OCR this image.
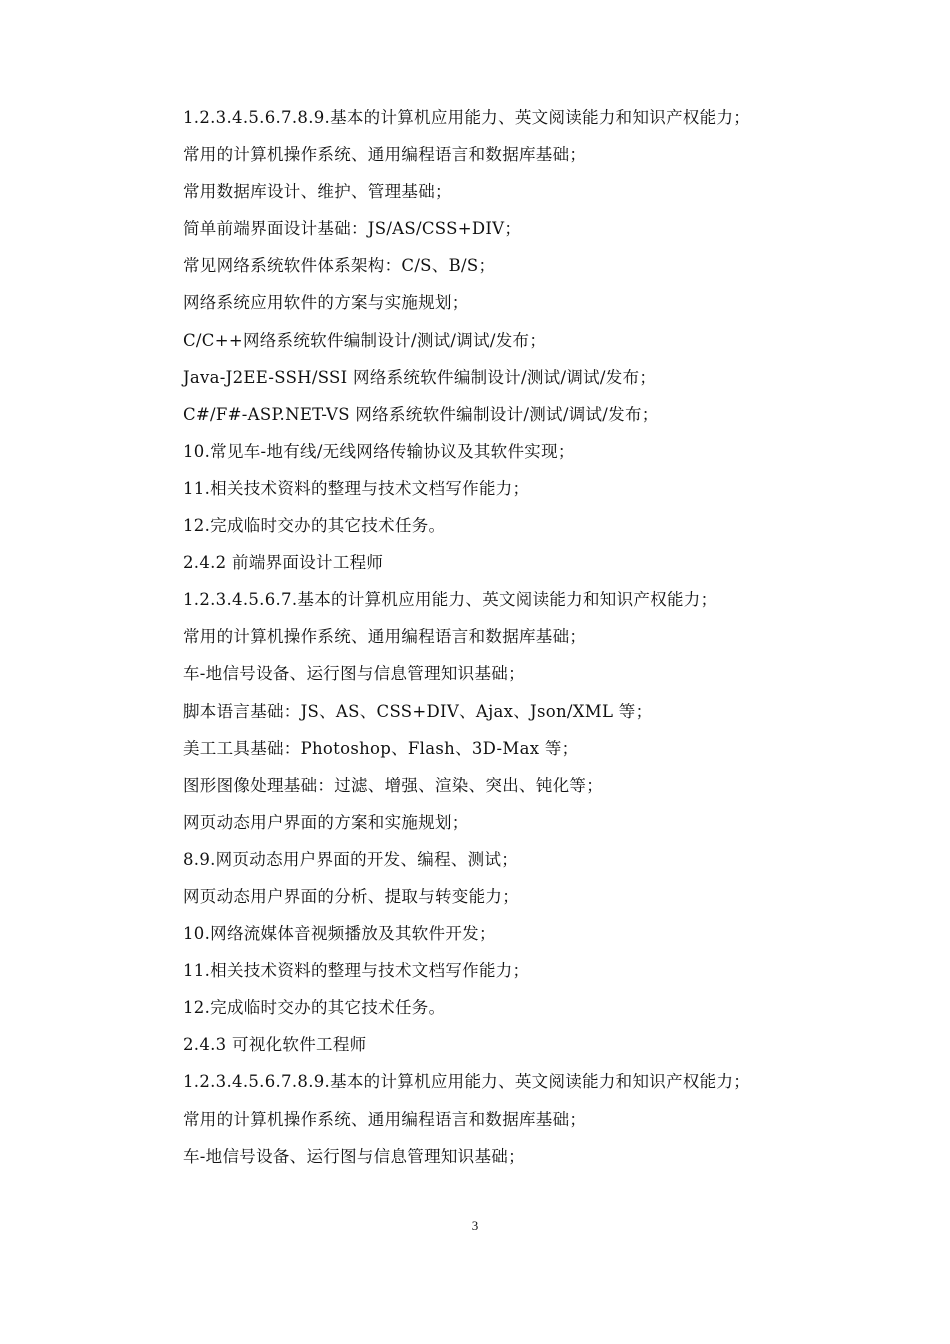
1.2.3.4.5.6.7.8.9.基本的计算机应用能力、英文阅读能力和知识产权能力；
常用的计算机操作系统、通用编程语言和数据库基础；
常用数据库设计、维护、管理基础；
简单前端界面设计基础：JS/AS/CSS+DIV；
常见网络系统软件体系架构：C/S、B/S；
网络系统应用软件的方案与实施规划；
C/C++网络系统软件编制设计/测试/调试/发布；
Java-J2EE-SSH/SSI 网络系统软件编制设计/测试/调试/发布；
C#/F#-ASP.NET-VS 网络系统软件编制设计/测试/调试/发布；
10.常见车-地有线/无线网络传输协议及其软件实现；
11.相关技术资料的整理与技术文档写作能力；
12.完成临时交办的其它技术任务。
2.4.2 前端界面设计工程师
1.2.3.4.5.6.7.基本的计算机应用能力、英文阅读能力和知识产权能力；
常用的计算机操作系统、通用编程语言和数据库基础；
车-地信号设备、运行图与信息管理知识基础；
脚本语言基础：JS、AS、CSS+DIV、Ajax、Json/XML 等；
美工工具基础：Photoshop、Flash、3D-Max 等；
图形图像处理基础：过滤、增强、渲染、突出、钝化等；
网页动态用户界面的方案和实施规划；
8.9.网页动态用户界面的开发、编程、测试；
网页动态用户界面的分析、提取与转变能力；
10.网络流媒体音视频播放及其软件开发；
11.相关技术资料的整理与技术文档写作能力；
12.完成临时交办的其它技术任务。
2.4.3 可视化软件工程师
1.2.3.4.5.6.7.8.9.基本的计算机应用能力、英文阅读能力和知识产权能力；
常用的计算机操作系统、通用编程语言和数据库基础；
车-地信号设备、运行图与信息管理知识基础；
3
